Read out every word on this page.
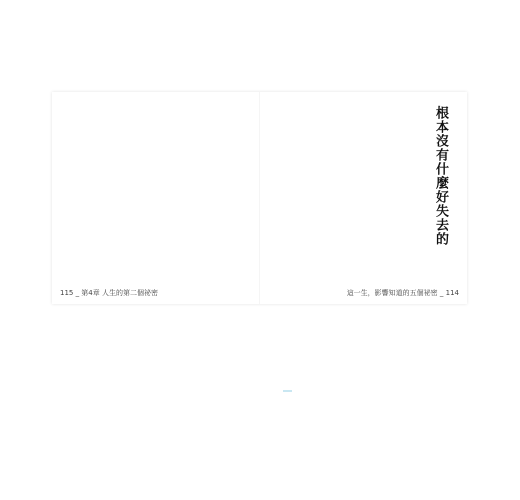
115 _ 第4章 人生的第二個祕密
根本沒有什麼好失去的
這一生，影響知道的五個祕密 _ 114
